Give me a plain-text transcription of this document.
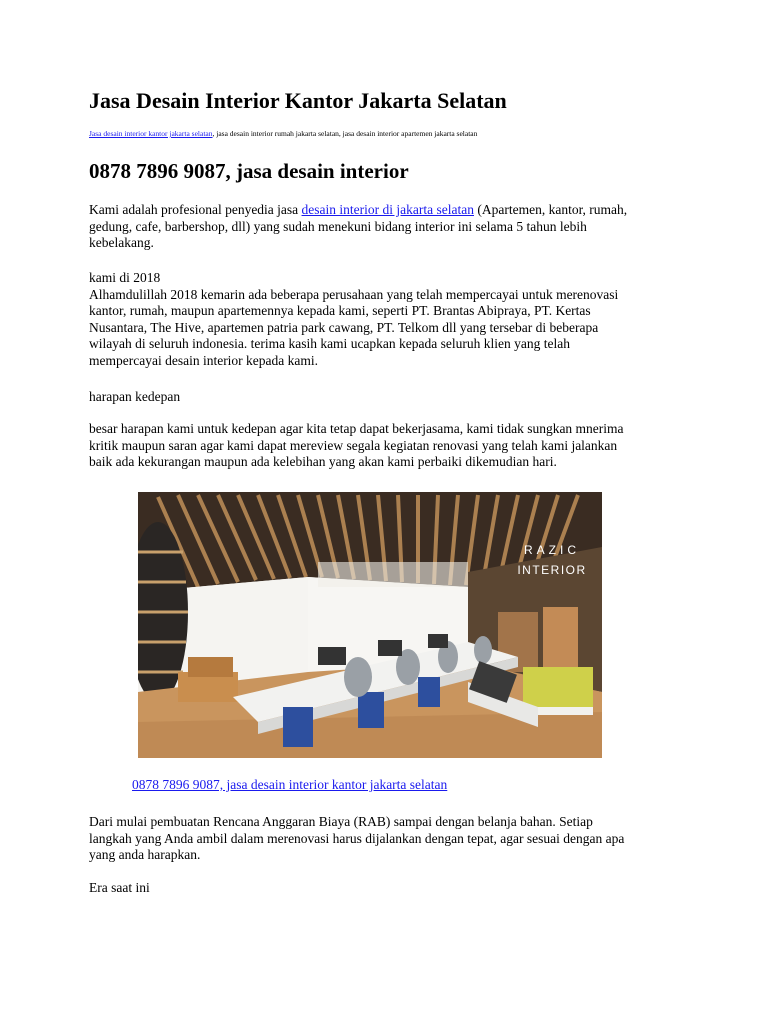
Jasa Desain Interior Kantor Jakarta Selatan
Jasa desain interior kantor jakarta selatan, jasa desain interior rumah jakarta selatan, jasa desain interior apartemen jakarta selatan
0878 7896 9087, jasa desain interior

Kami adalah profesional penyedia jasa desain interior di jakarta selatan (Apartemen, kantor, rumah,
gedung, cafe, barbershop, dll) yang sudah menekuni bidang interior ini selama 5 tahun lebih
kebelakang.

kami di 2018
Alhamdulillah 2018 kemarin ada beberapa perusahaan yang telah mempercayai untuk merenovasi
kantor, rumah, maupun apartemennya kepada kami, seperti PT. Brantas Abipraya, PT. Kertas
Nusantara, The Hive, apartemen patria park cawang, PT. Telkom dll yang tersebar di beberapa
wilayah di seluruh indonesia. terima kasih kami ucapkan kepada seluruh klien yang telah
mempercayai desain interior kepada kami.

harapan kedepan

besar harapan kami untuk kedepan agar kita tetap dapat bekerjasama, kami tidak sungkan mnerima
kritik maupun saran agar kami dapat mereview segala kegiatan renovasi yang telah kami jalankan
baik ada kekurangan maupun ada kelebihan yang akan kami perbaiki dikemudian hari.

RAZIC
INTERIOR
0878 7896 9087, jasa desain interior kantor jakarta selatan

Dari mulai pembuatan Rencana Anggaran Biaya (RAB) sampai dengan belanja bahan. Setiap
langkah yang Anda ambil dalam merenovasi harus dijalankan dengan tepat, agar sesuai dengan apa
yang anda harapkan.

Era saat ini
